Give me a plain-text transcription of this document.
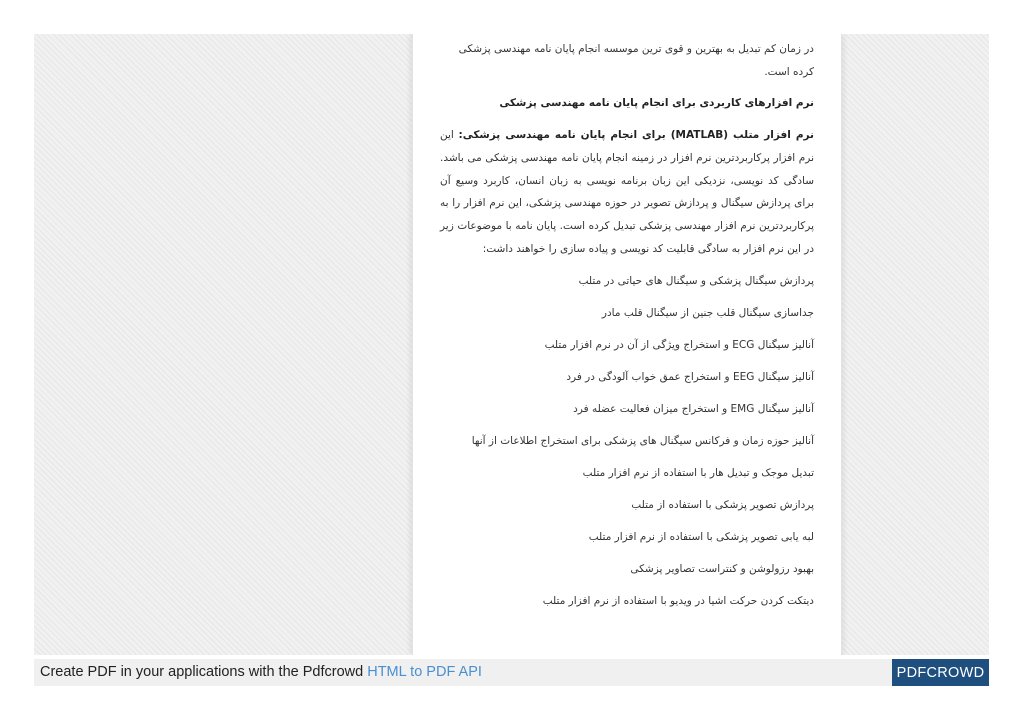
در زمان کم تبدیل به بهترین و قوی ترین موسسه انجام پایان نامه مهندسی پزشکی

کرده است.

نرم افزارهای کاربردی برای انجام پایان نامه مهندسی پزشکی

نرم افزار متلب (MATLAB) برای انجام پایان نامه مهندسی پزشکی: این نرم افزار پرکاربردترین نرم افزار در زمینه انجام پایان نامه مهندسی پزشکی می باشد. سادگی کد نویسی، نزدیکی این زبان برنامه نویسی به زبان انسان، کاربرد وسیع آن برای پردازش سیگنال و پردازش تصویر در حوزه مهندسی پزشکی، این نرم افزار را به پرکاربردترین نرم افزار مهندسی پزشکی تبدیل کرده است. پایان نامه با موضوعات زیر در این نرم افزار به سادگی قابلیت کد نویسی و پیاده سازی را خواهند داشت:

پردازش سیگنال پزشکی و سیگنال های حیاتی در متلب

جداسازی سیگنال قلب جنین از سیگنال قلب مادر

آنالیز سیگنال ECG و استخراج ویژگی از آن در نرم افزار متلب

آنالیز سیگنال EEG و استخراج عمق خواب آلودگی در فرد

آنالیز سیگنال EMG و استخراج میزان فعالیت عضله فرد

آنالیز حوزه زمان و فرکانس سیگنال های پزشکی برای استخراج اطلاعات از آنها

تبدیل موجک و تبدیل هار با استفاده از نرم افزار متلب

پردازش تصویر پزشکی با استفاده از متلب

لبه یابی تصویر پزشکی با استفاده از نرم افزار متلب

بهبود رزولوشن و کنتراست تصاویر پزشکی

دیتکت کردن حرکت اشیا در ویدیو با استفاده از نرم افزار متلب

Create PDF in your applications with the Pdfcrowd HTML to PDF API	PDFCROWD
